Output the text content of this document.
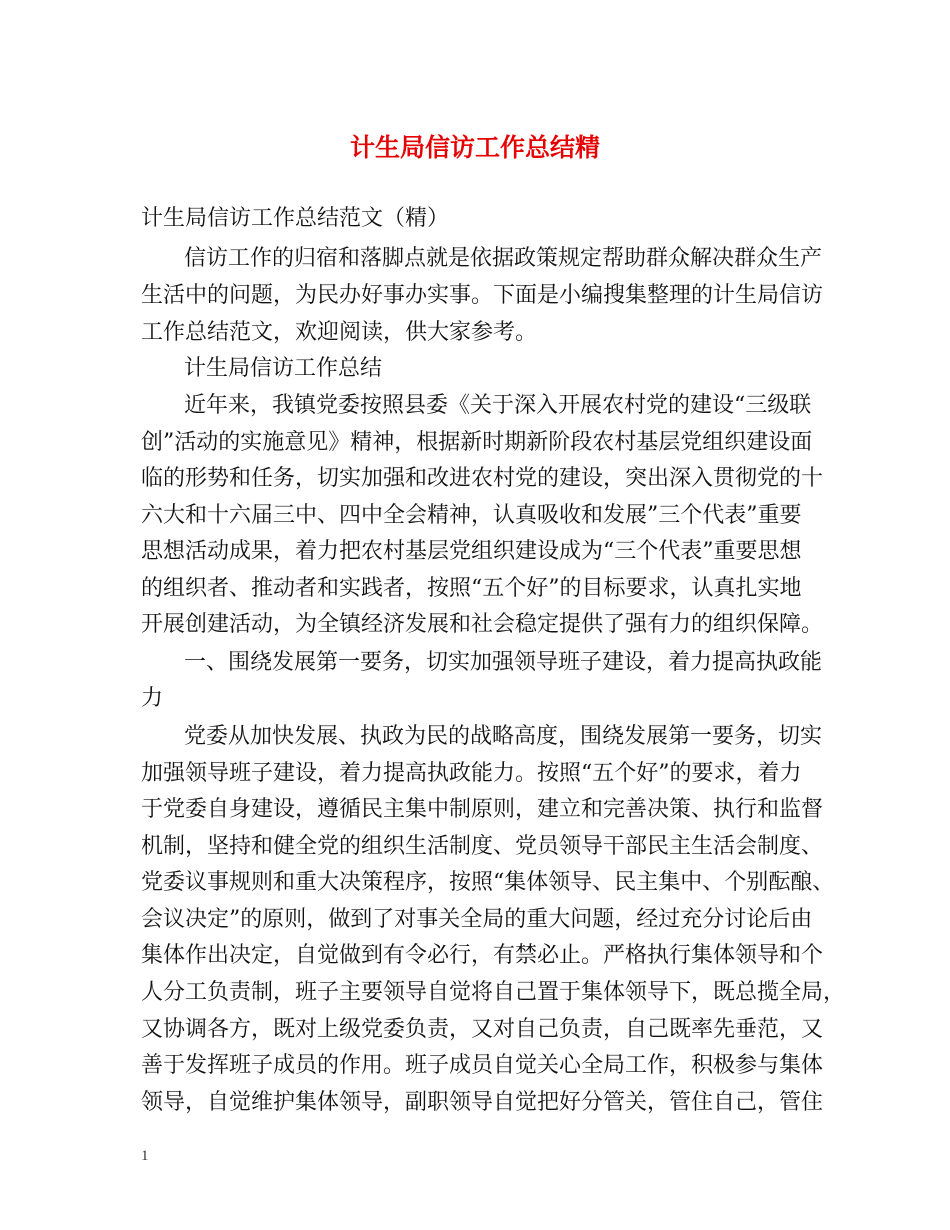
计生局信访工作总结精
计生局信访工作总结范文（精）
信访工作的归宿和落脚点就是依据政策规定帮助群众解决群众生产
生活中的问题，为民办好事办实事。下面是小编搜集整理的计生局信访
工作总结范文，欢迎阅读，供大家参考。
计生局信访工作总结
近年来，我镇党委按照县委《关于深入开展农村党的建设“三级联
创”活动的实施意见》精神，根据新时期新阶段农村基层党组织建设面
临的形势和任务，切实加强和改进农村党的建设，突出深入贯彻党的十
六大和十六届三中、四中全会精神，认真吸收和发展”三个代表”重要
思想活动成果，着力把农村基层党组织建设成为“三个代表”重要思想
的组织者、推动者和实践者，按照“五个好”的目标要求，认真扎实地
开展创建活动，为全镇经济发展和社会稳定提供了强有力的组织保障。
一、围绕发展第一要务，切实加强领导班子建设，着力提高执政能
力
党委从加快发展、执政为民的战略高度，围绕发展第一要务，切实
加强领导班子建设，着力提高执政能力。按照“五个好”的要求，着力
于党委自身建设，遵循民主集中制原则，建立和完善决策、执行和监督
机制，坚持和健全党的组织生活制度、党员领导干部民主生活会制度、
党委议事规则和重大决策程序，按照“集体领导、民主集中、个别酝酿、
会议决定”的原则，做到了对事关全局的重大问题，经过充分讨论后由
集体作出决定，自觉做到有令必行，有禁必止。严格执行集体领导和个
人分工负责制，班子主要领导自觉将自己置于集体领导下，既总揽全局，
又协调各方，既对上级党委负责，又对自己负责，自己既率先垂范，又
善于发挥班子成员的作用。班子成员自觉关心全局工作，积极参与集体
领导，自觉维护集体领导，副职领导自觉把好分管关，管住自己，管住
1
